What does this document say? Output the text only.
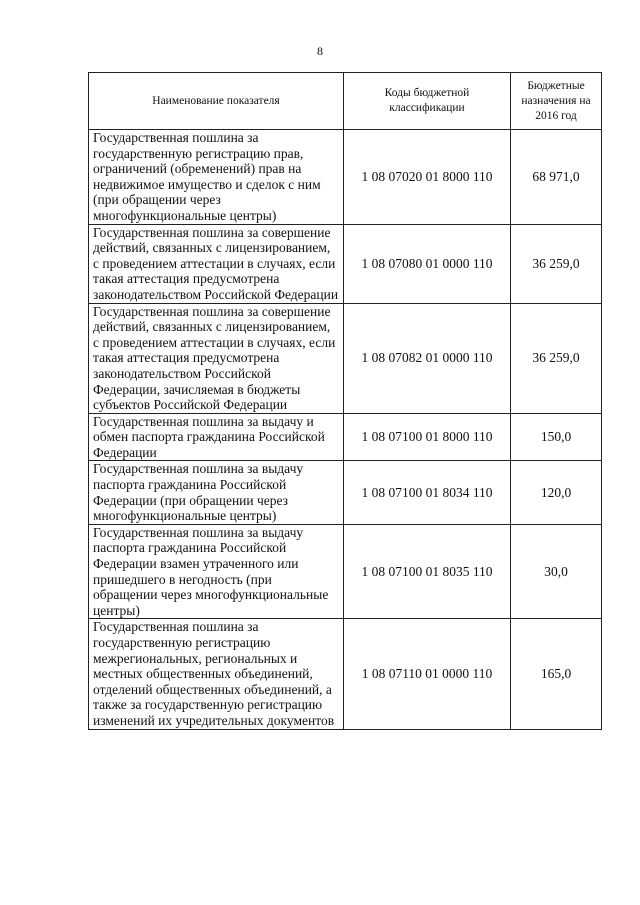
8
Наименование показателя	Коды бюджетной классификации	Бюджетные назначения на 2016 год
Государственная пошлина за государственную регистрацию прав, ограничений (обременений) прав на недвижимое имущество и сделок с ним (при обращении через многофункциональные центры)	1 08 07020 01 8000 110	68 971,0
Государственная пошлина за совершение действий, связанных с лицензированием, с проведением аттестации в случаях, если такая аттестация предусмотрена законодательством Российской Федерации	1 08 07080 01 0000 110	36 259,0
Государственная пошлина за совершение действий, связанных с лицензированием, с проведением аттестации в случаях, если такая аттестация предусмотрена законодательством Российской Федерации, зачисляемая в бюджеты субъектов Российской Федерации	1 08 07082 01 0000 110	36 259,0
Государственная пошлина за выдачу и обмен паспорта гражданина Российской Федерации	1 08 07100 01 8000 110	150,0
Государственная пошлина за выдачу паспорта гражданина Российской Федерации (при обращении через многофункциональные центры)	1 08 07100 01 8034 110	120,0
Государственная пошлина за выдачу паспорта гражданина Российской Федерации взамен утраченного или пришедшего в негодность (при обращении через многофункциональные центры)	1 08 07100 01 8035 110	30,0
Государственная пошлина за государственную регистрацию межрегиональных, региональных и местных общественных объединений, отделений общественных объединений, а также за государственную регистрацию изменений их учредительных документов	1 08 07110 01 0000 110	165,0
